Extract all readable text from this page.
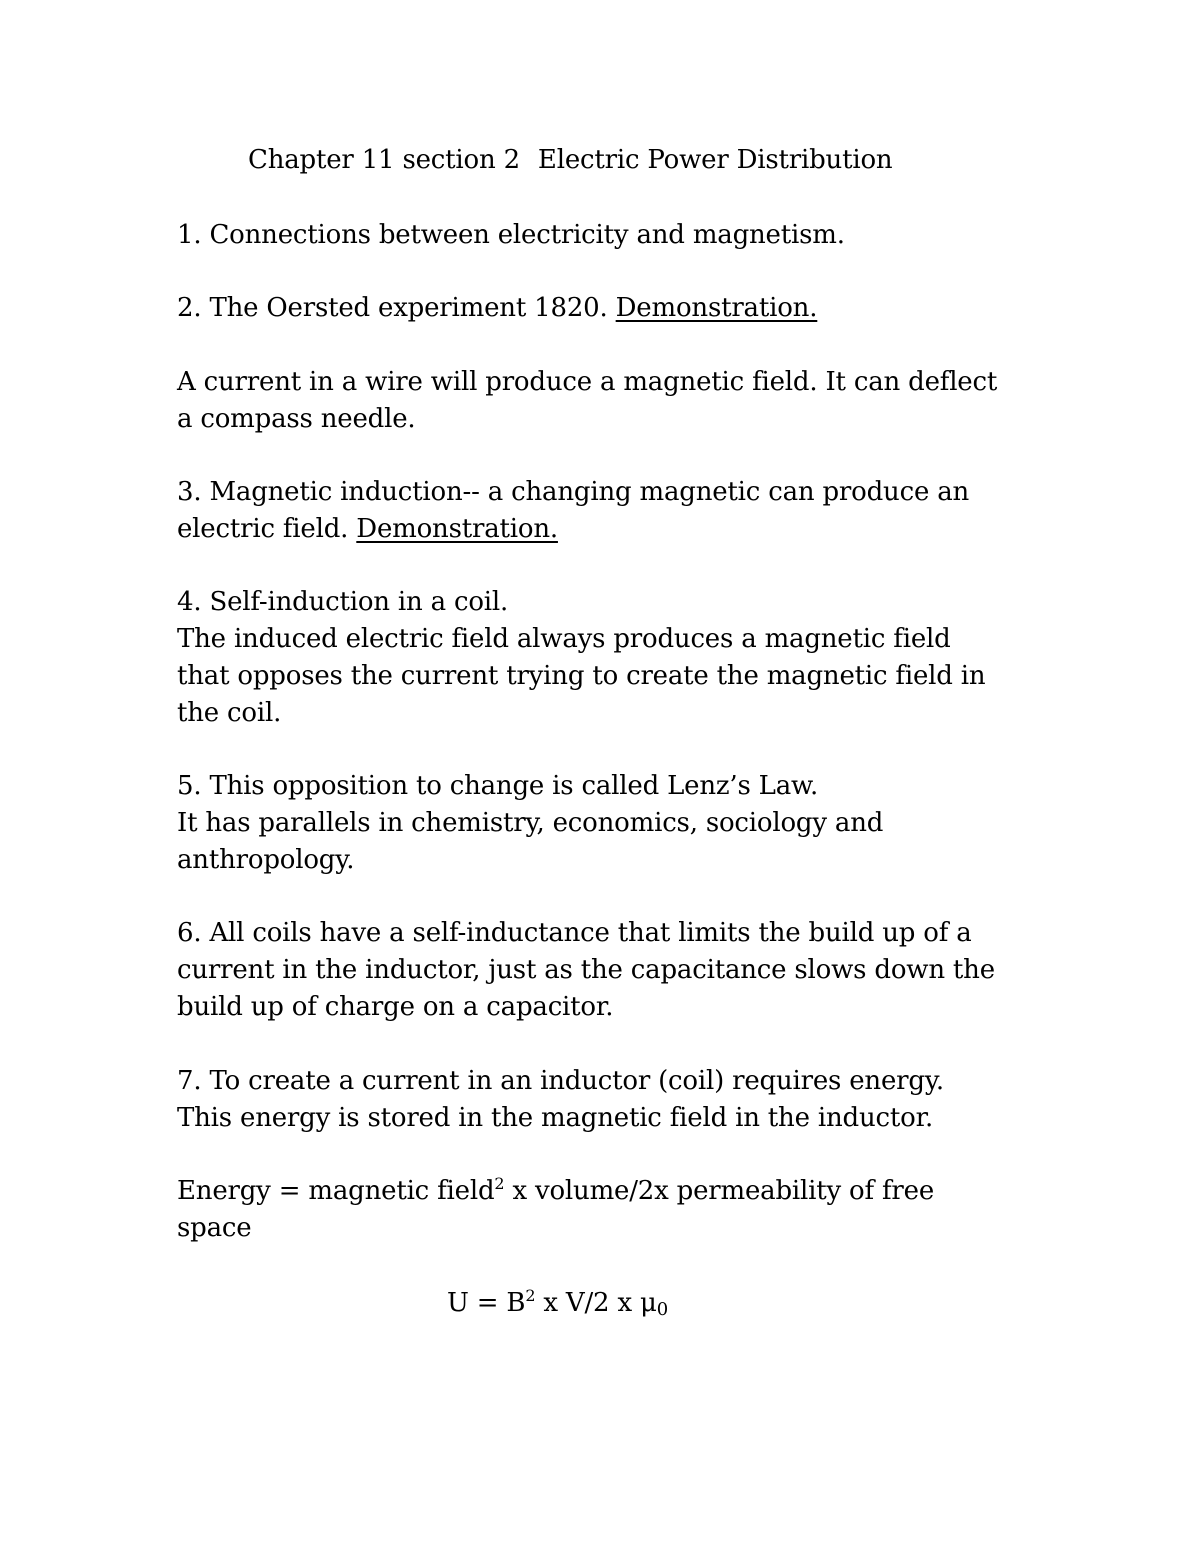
Chapter 11 section 2 Electric Power Distribution
1. Connections between electricity and magnetism.
2. The Oersted experiment 1820. Demonstration.
A current in a wire will produce a magnetic field. It can deflect
a compass needle.
3. Magnetic induction-- a changing magnetic can produce an
electric field. Demonstration.
4. Self-induction in a coil.
The induced electric field always produces a magnetic field
that opposes the current trying to create the magnetic field in
the coil.
5. This opposition to change is called Lenz’s Law.
It has parallels in chemistry, economics, sociology and
anthropology.
6. All coils have a self-inductance that limits the build up of a
current in the inductor, just as the capacitance slows down the
build up of charge on a capacitor.
7. To create a current in an inductor (coil) requires energy.
This energy is stored in the magnetic field in the inductor.
Energy = magnetic field$^2$ x volume/2x permeability of free
space
$U = B^2$ x V/2 x $\mu_0$
